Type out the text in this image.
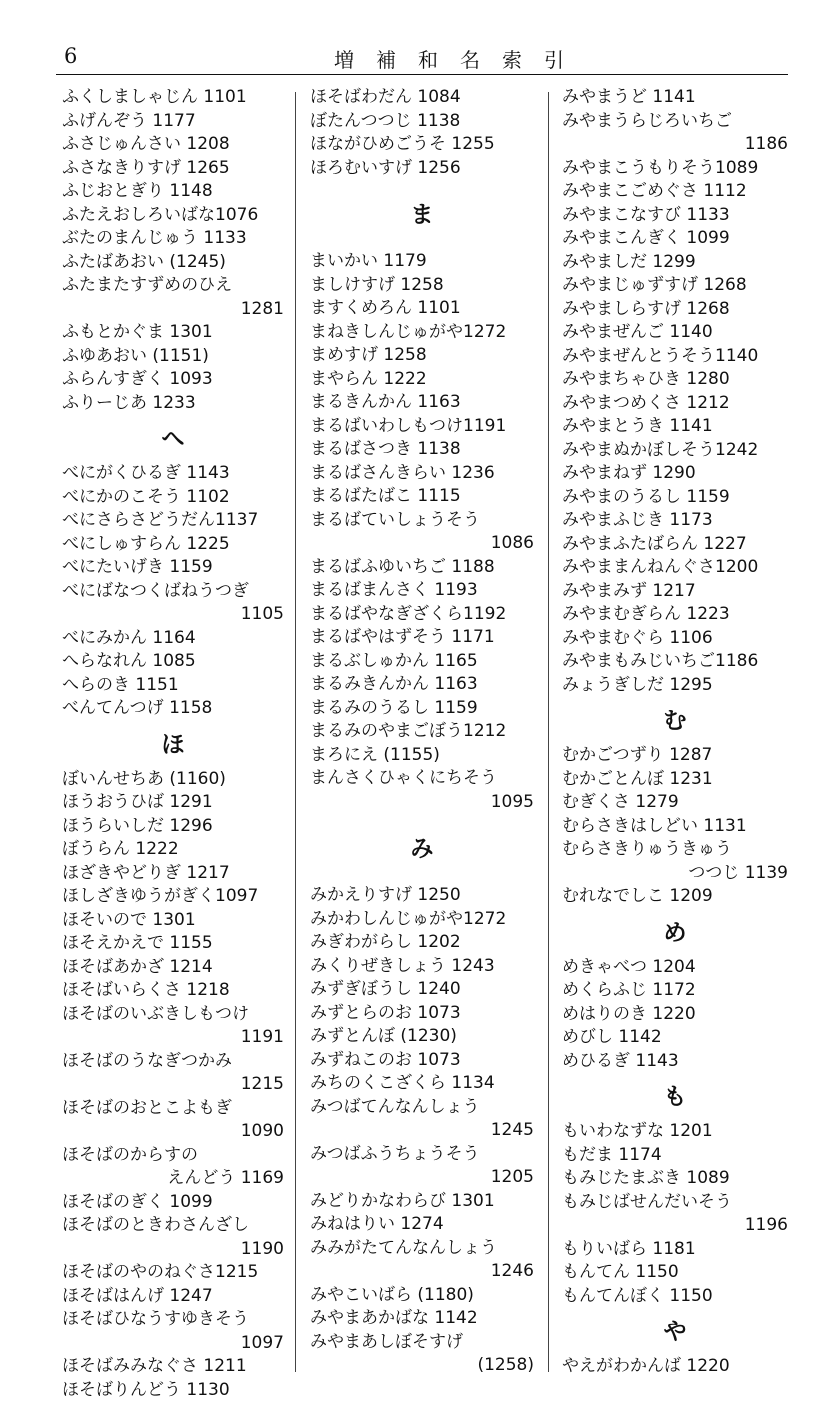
6	増補和名索引
ふくしましゃじん 1101
ふげんぞう 1177
ふさじゅんさい 1208
ふさなきりすげ 1265
ふじおとぎり 1148
ふたえおしろいばな1076
ぶたのまんじゅう 1133
ふたばあおい (1245)
ふたまたすずめのひえ
1281
ふもとかぐま 1301
ふゆあおい (1151)
ふらんすぎく 1093
ふりーじあ 1233
へ
べにがくひるぎ 1143
べにかのこそう 1102
べにさらさどうだん1137
べにしゅすらん 1225
べにたいげき 1159
べにばなつくばねうつぎ
1105
べにみかん 1164
へらなれん 1085
へらのき 1151
べんてんつげ 1158
ほ
ぼいんせちあ (1160)
ほうおうひば 1291
ほうらいしだ 1296
ぼうらん 1222
ほざきやどりぎ 1217
ほしざきゆうがぎく1097
ほそいので 1301
ほそえかえで 1155
ほそばあかざ 1214
ほそばいらくさ 1218
ほそばのいぶきしもつけ
1191
ほそばのうなぎつかみ
1215
ほそばのおとこよもぎ
1090
ほそばのからすの
えんどう 1169
ほそばのぎく 1099
ほそばのときわさんざし
1190
ほそばのやのねぐさ1215
ほそばはんげ 1247
ほそばひなうすゆきそう
1097
ほそばみみなぐさ 1211
ほそばりんどう 1130
ほそばわだん 1084
ぼたんつつじ 1138
ほながひめごうそ 1255
ほろむいすげ 1256
ま
まいかい 1179
ましけすげ 1258
ますくめろん 1101
まねきしんじゅがや1272
まめすげ 1258
まやらん 1222
まるきんかん 1163
まるばいわしもつけ1191
まるばさつき 1138
まるばさんきらい 1236
まるばたばこ 1115
まるばていしょうそう
1086
まるばふゆいちご 1188
まるばまんさく 1193
まるばやなぎざくら1192
まるばやはずそう 1171
まるぶしゅかん 1165
まるみきんかん 1163
まるみのうるし 1159
まるみのやまごぼう1212
まろにえ (1155)
まんさくひゃくにちそう
1095
み
みかえりすげ 1250
みかわしんじゅがや1272
みぎわがらし 1202
みくりぜきしょう 1243
みずぎぼうし 1240
みずとらのお 1073
みずとんぼ (1230)
みずねこのお 1073
みちのくこざくら 1134
みつばてんなんしょう
1245
みつばふうちょうそう
1205
みどりかなわらび 1301
みねはりい 1274
みみがたてんなんしょう
1246
みやこいばら (1180)
みやまあかばな 1142
みやまあしぼそすげ
(1258)
みやまうど 1141
みやまうらじろいちご
1186
みやまこうもりそう1089
みやまこごめぐさ 1112
みやまこなすび 1133
みやまこんぎく 1099
みやましだ 1299
みやまじゅずすげ 1268
みやましらすげ 1268
みやまぜんご 1140
みやまぜんとうそう1140
みやまちゃひき 1280
みやまつめくさ 1212
みやまとうき 1141
みやまぬかぼしそう1242
みやまねず 1290
みやまのうるし 1159
みやまふじき 1173
みやまふたばらん 1227
みやままんねんぐさ1200
みやまみず 1217
みやまむぎらん 1223
みやまむぐら 1106
みやまもみじいちご1186
みょうぎしだ 1295
む
むかごつずり 1287
むかごとんぼ 1231
むぎくさ 1279
むらさきはしどい 1131
むらさきりゅうきゅう
つつじ 1139
むれなでしこ 1209
め
めきゃべつ 1204
めくらふじ 1172
めはりのき 1220
めびし 1142
めひるぎ 1143
も
もいわなずな 1201
もだま 1174
もみじたまぶき 1089
もみじばせんだいそう
1196
もりいばら 1181
もんてん 1150
もんてんぼく 1150
や
やえがわかんば 1220
